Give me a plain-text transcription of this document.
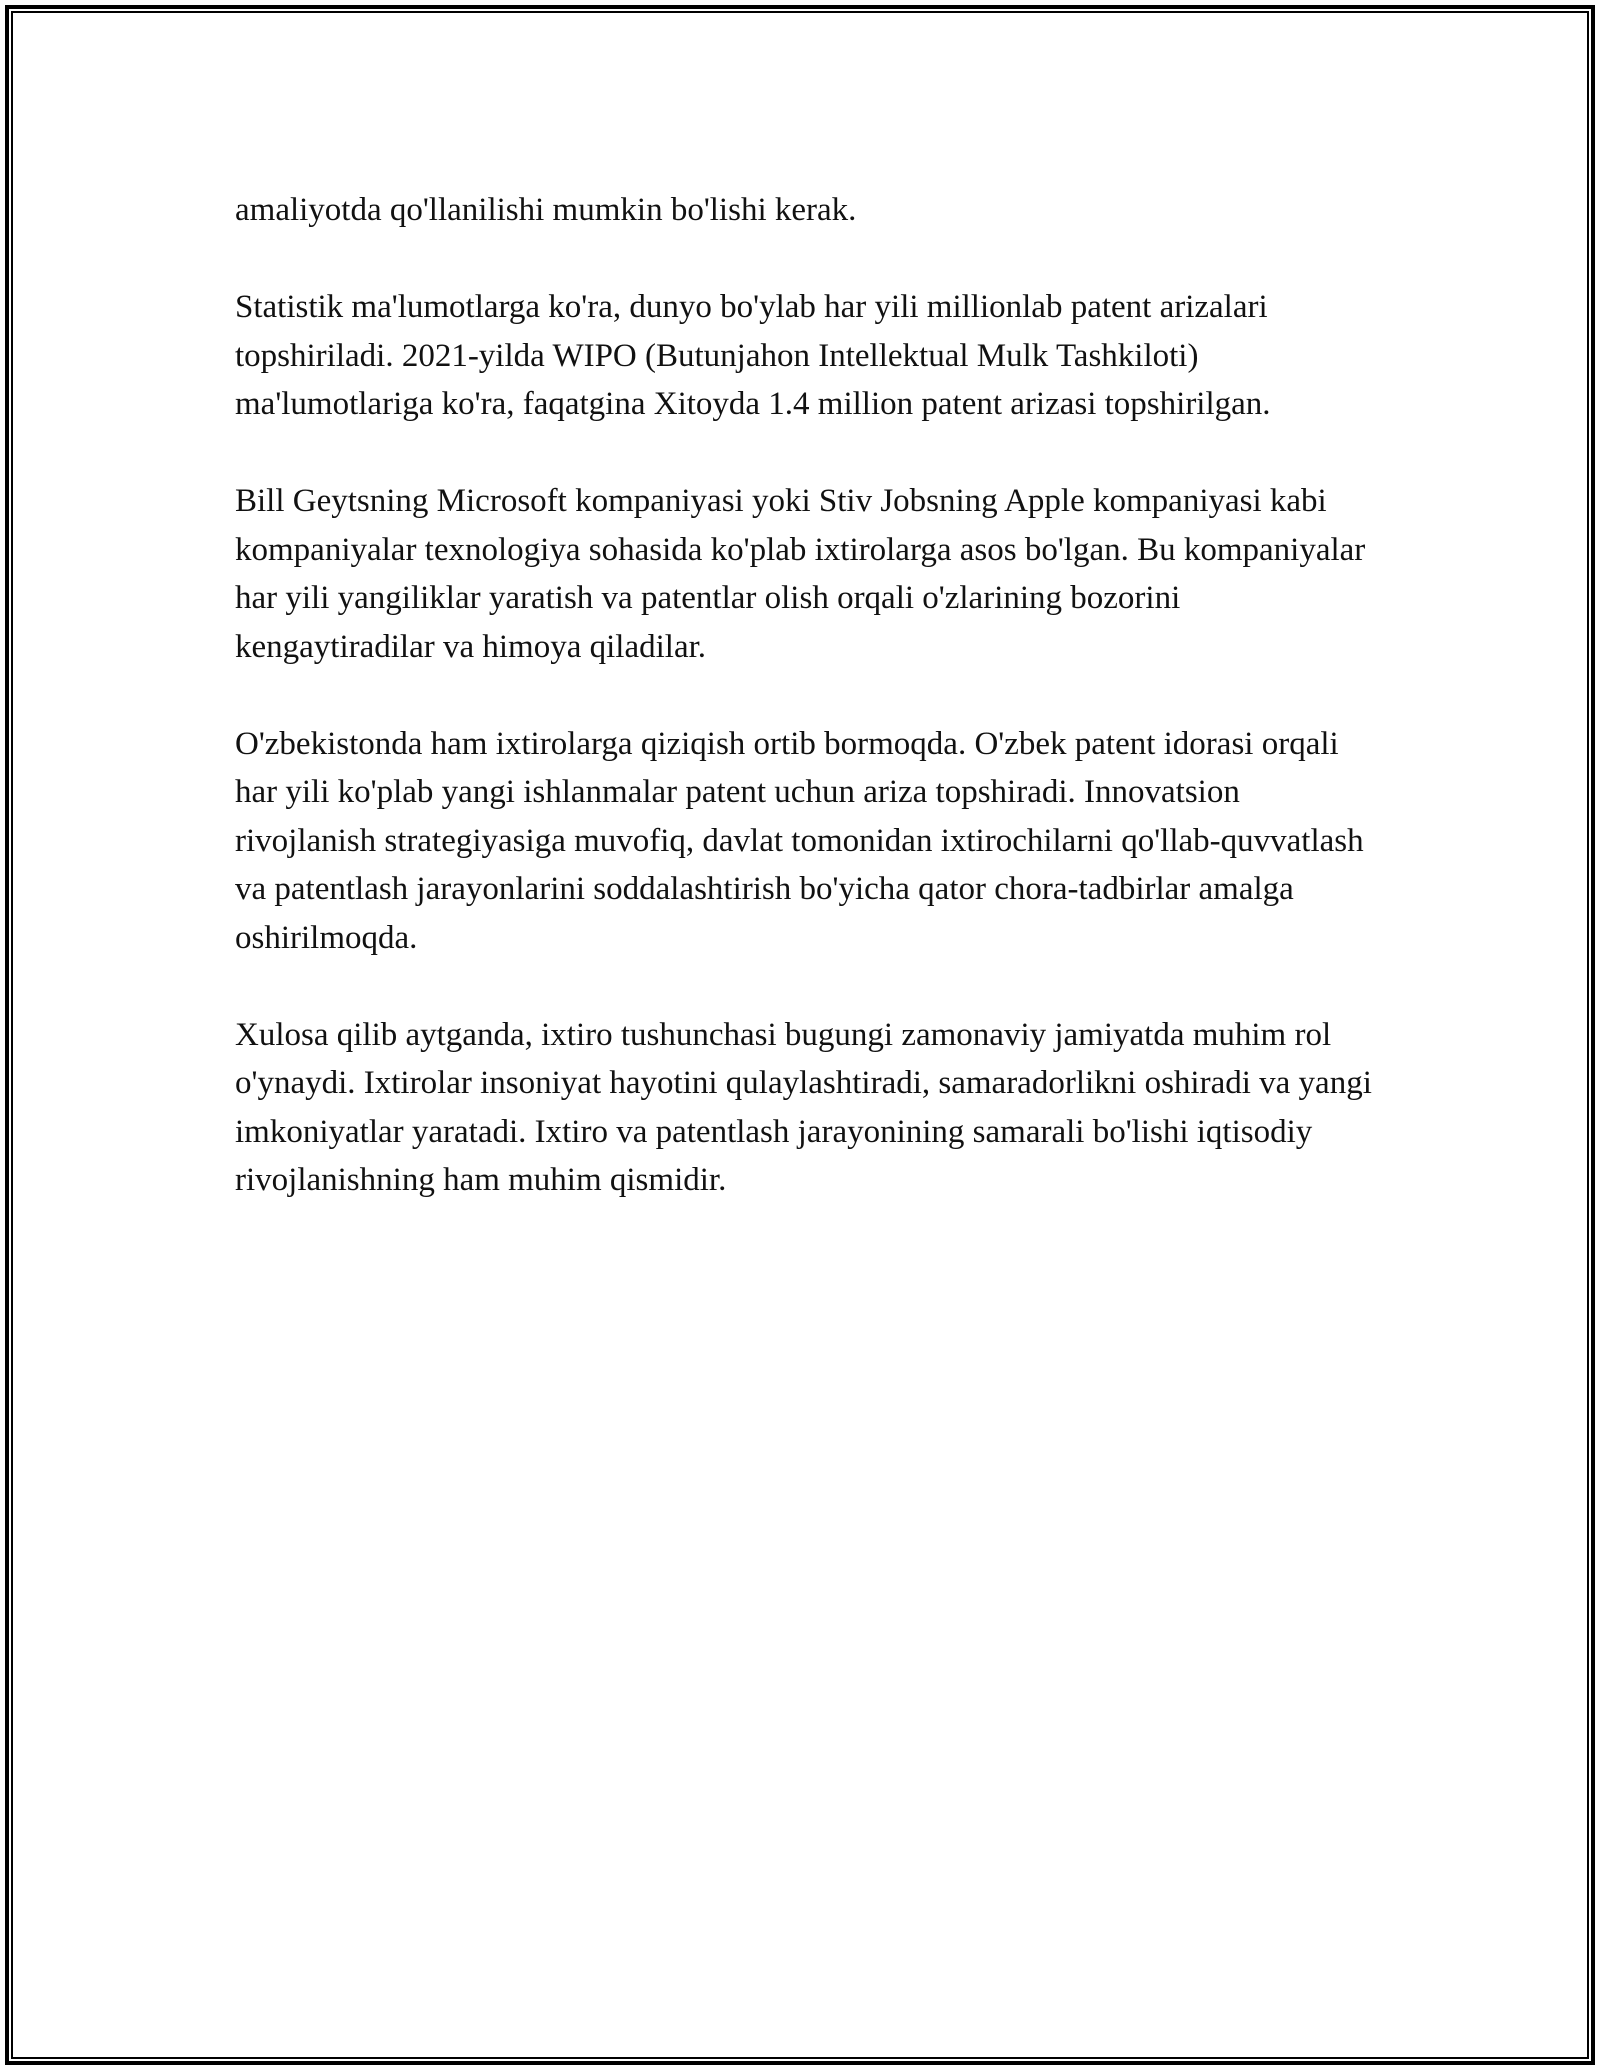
amaliyotda qo'llanilishi mumkin bo'lishi kerak.

Statistik ma'lumotlarga ko'ra, dunyo bo'ylab har yili millionlab patent arizalari topshiriladi. 2021-yilda WIPO (Butunjahon Intellektual Mulk Tashkiloti) ma'lumotlariga ko'ra, faqatgina Xitoyda 1.4 million patent arizasi topshirilgan.

Bill Geytsning Microsoft kompaniyasi yoki Stiv Jobsning Apple kompaniyasi kabi kompaniyalar texnologiya sohasida ko'plab ixtirolarga asos bo'lgan. Bu kompaniyalar har yili yangiliklar yaratish va patentlar olish orqali o'zlarining bozorini kengaytiradilar va himoya qiladilar.

O'zbekistonda ham ixtirolarga qiziqish ortib bormoqda. O'zbek patent idorasi orqali har yili ko'plab yangi ishlanmalar patent uchun ariza topshiradi. Innovatsion rivojlanish strategiyasiga muvofiq, davlat tomonidan ixtirochilarni qo'llab-quvvatlash va patentlash jarayonlarini soddalashtirish bo'yicha qator chora-tadbirlar amalga oshirilmoqda.

Xulosa qilib aytganda, ixtiro tushunchasi bugungi zamonaviy jamiyatda muhim rol o'ynaydi. Ixtirolar insoniyat hayotini qulaylashtiradi, samaradorlikni oshiradi va yangi imkoniyatlar yaratadi. Ixtiro va patentlash jarayonining samarali bo'lishi iqtisodiy rivojlanishning ham muhim qismidir.
